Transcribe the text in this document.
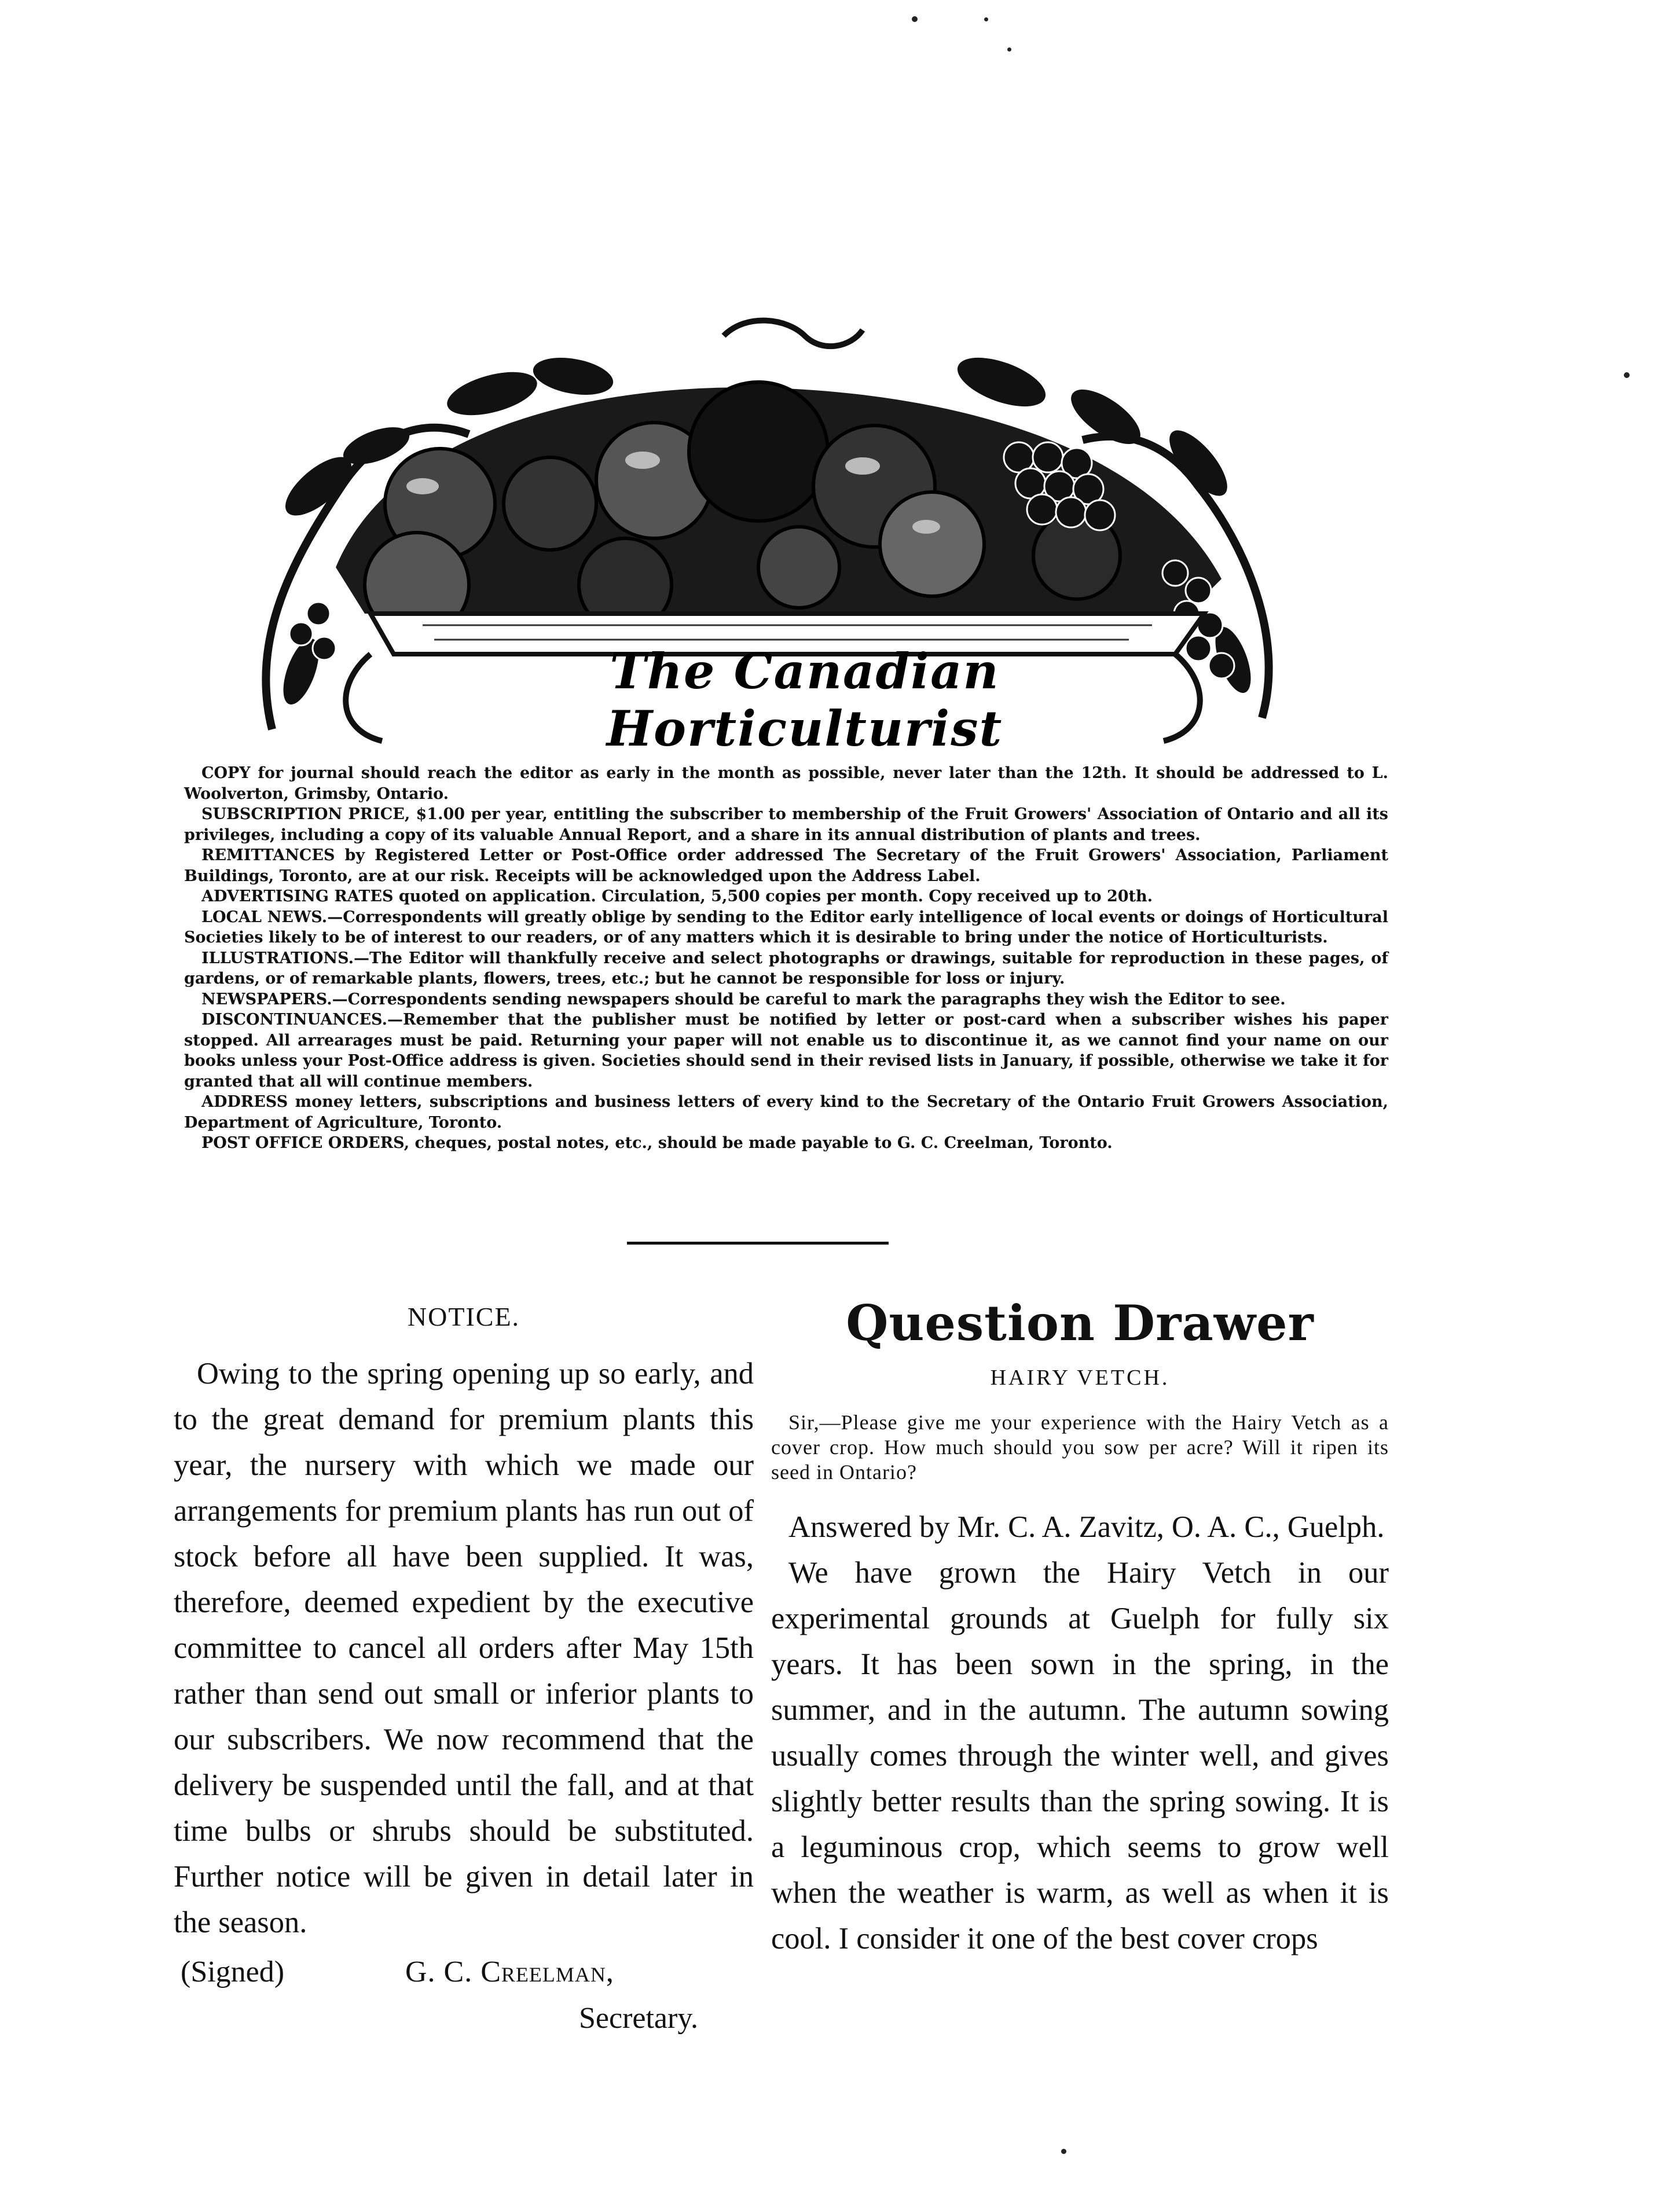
The Canadian Horticulturist

COPY for journal should reach the editor as early in the month as possible, never later than the 12th. It should be addressed to L. Woolverton, Grimsby, Ontario.

SUBSCRIPTION PRICE, $1.00 per year, entitling the subscriber to membership of the Fruit Growers' Association of Ontario and all its privileges, including a copy of its valuable Annual Report, and a share in its annual distribution of plants and trees.

REMITTANCES by Registered Letter or Post-Office order addressed The Secretary of the Fruit Growers' Association, Parliament Buildings, Toronto, are at our risk. Receipts will be acknowledged upon the Address Label.

ADVERTISING RATES quoted on application. Circulation, 5,500 copies per month. Copy received up to 20th.

LOCAL NEWS.—Correspondents will greatly oblige by sending to the Editor early intelligence of local events or doings of Horticultural Societies likely to be of interest to our readers, or of any matters which it is desirable to bring under the notice of Horticulturists.

ILLUSTRATIONS.—The Editor will thankfully receive and select photographs or drawings, suitable for reproduction in these pages, of gardens, or of remarkable plants, flowers, trees, etc.; but he cannot be responsible for loss or injury.

NEWSPAPERS.—Correspondents sending newspapers should be careful to mark the paragraphs they wish the Editor to see.

DISCONTINUANCES.—Remember that the publisher must be notified by letter or post-card when a subscriber wishes his paper stopped. All arrearages must be paid. Returning your paper will not enable us to discontinue it, as we cannot find your name on our books unless your Post-Office address is given. Societies should send in their revised lists in January, if possible, otherwise we take it for granted that all will continue members.

ADDRESS money letters, subscriptions and business letters of every kind to the Secretary of the Ontario Fruit Growers Association, Department of Agriculture, Toronto.

POST OFFICE ORDERS, cheques, postal notes, etc., should be made payable to G. C. Creelman, Toronto.

NOTICE.

Owing to the spring opening up so early, and to the great demand for premium plants this year, the nursery with which we made our arrangements for premium plants has run out of stock before all have been supplied. It was, therefore, deemed expedient by the executive committee to cancel all orders after May 15th rather than send out small or inferior plants to our subscribers. We now recommend that the delivery be suspended until the fall, and at that time bulbs or shrubs should be substituted. Further notice will be given in detail later in the season.

(Signed)	G. C. Creelman,
Secretary.
Question Drawer
HAIRY VETCH.

Sir,—Please give me your experience with the Hairy Vetch as a cover crop. How much should you sow per acre? Will it ripen its seed in Ontario?

Answered by Mr. C. A. Zavitz, O. A. C., Guelph.

We have grown the Hairy Vetch in our experimental grounds at Guelph for fully six years. It has been sown in the spring, in the summer, and in the autumn. The autumn sowing usually comes through the winter well, and gives slightly better results than the spring sowing. It is a leguminous crop, which seems to grow well when the weather is warm, as well as when it is cool. I consider it one of the best cover crops
